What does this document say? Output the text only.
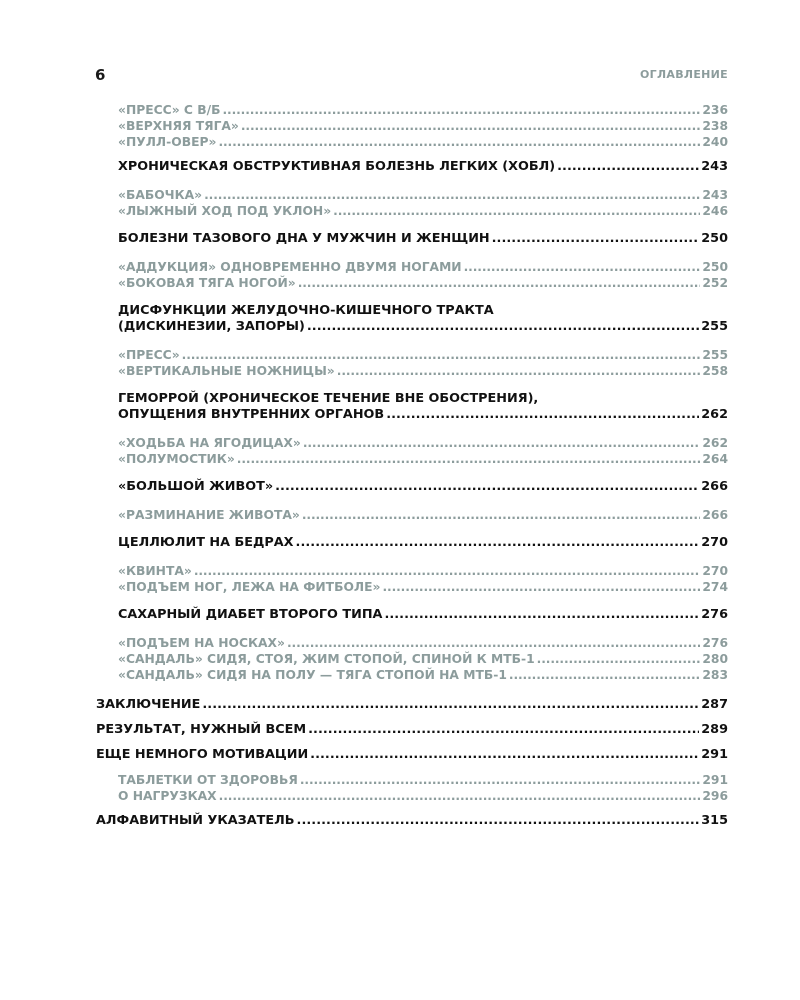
6	ОГЛАВЛЕНИЕ
«ПРЕСС» С В/Б . . .	236
«ВЕРХНЯЯ ТЯГА» . . .	238
«ПУЛЛ-ОВЕР» . . .	240
ХРОНИЧЕСКАЯ ОБСТРУКТИВНАЯ БОЛЕЗНЬ ЛЕГКИХ (ХОБЛ) . . .	243
«БАБОЧКА» . . .	243
«ЛЫЖНЫЙ ХОД ПОД УКЛОН» . . .	246
БОЛЕЗНИ ТАЗОВОГО ДНА У МУЖЧИН И ЖЕНЩИН . . .	250
«АДДУКЦИЯ» ОДНОВРЕМЕННО ДВУМЯ НОГАМИ . . .	250
«БОКОВАЯ ТЯГА НОГОЙ» . . .	252
ДИСФУНКЦИИ ЖЕЛУДОЧНО-КИШЕЧНОГО ТРАКТА
(ДИСКИНЕЗИИ, ЗАПОРЫ) . . .	255
«ПРЕСС» . . .	255
«ВЕРТИКАЛЬНЫЕ НОЖНИЦЫ» . . .	258
ГЕМОРРОЙ (ХРОНИЧЕСКОЕ ТЕЧЕНИЕ ВНЕ ОБОСТРЕНИЯ),
ОПУЩЕНИЯ ВНУТРЕННИХ ОРГАНОВ . . .	262
«ХОДЬБА НА ЯГОДИЦАХ» . . .	262
«ПОЛУМОСТИК» . . .	264
«БОЛЬШОЙ ЖИВОТ» . . .	266
«РАЗМИНАНИЕ ЖИВОТА» . . .	266
ЦЕЛЛЮЛИТ НА БЕДРАХ . . .	270
«КВИНТА» . . .	270
«ПОДЪЕМ НОГ, ЛЕЖА НА ФИТБОЛЕ» . . .	274
САХАРНЫЙ ДИАБЕТ ВТОРОГО ТИПА . . .	276
«ПОДЪЕМ НА НОСКАХ» . . .	276
«САНДАЛЬ» СИДЯ, СТОЯ, ЖИМ СТОПОЙ, СПИНОЙ К МТБ-1 . . .	280
«САНДАЛЬ» СИДЯ НА ПОЛУ — ТЯГА СТОПОЙ НА МТБ-1 . . .	283
ЗАКЛЮЧЕНИЕ . . .	287
РЕЗУЛЬТАТ, НУЖНЫЙ ВСЕМ . . .	289
ЕЩЕ НЕМНОГО МОТИВАЦИИ . . .	291
ТАБЛЕТКИ ОТ ЗДОРОВЬЯ . . .	291
О НАГРУЗКАХ . . .	296
АЛФАВИТНЫЙ УКАЗАТЕЛЬ . . .	315
